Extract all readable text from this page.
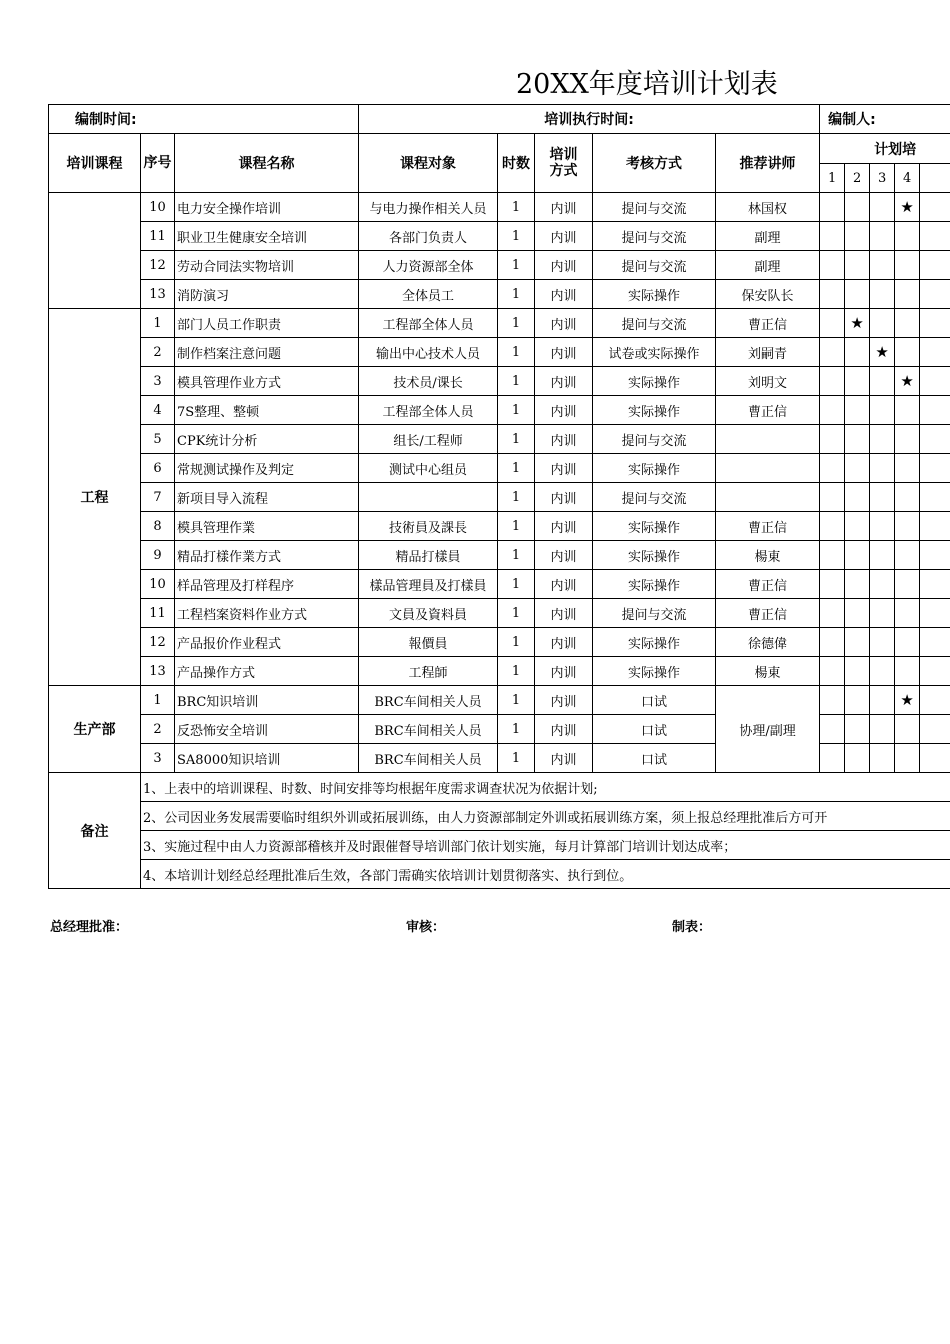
20XX年度培训计划表
编制时间:			培训执行时间:					编制人:				
培训课程	序号	课程名称	课程对象	时数	培训方式	考核方式	推荐讲师	计划培				
								1	2	3	4	
	10	电力安全操作培训	与电力操作相关人员	1	内训	提问与交流	林国权				★	
	11	职业卫生健康安全培训	各部门负责人	1	内训	提问与交流	副理					
	12	劳动合同法实物培训	人力资源部全体	1	内训	提问与交流	副理					
	13	消防演习	全体员工	1	内训	实际操作	保安队长					
工程	1	部门人员工作职责	工程部全体人员	1	内训	提问与交流	曹正信		★			
	2	制作档案注意问题	输出中心技术人员	1	内训	试卷或实际操作	刘嗣青			★		
	3	模具管理作业方式	技术员/课长	1	内训	实际操作	刘明文				★	
	4	7S整理、整顿	工程部全体人员	1	内训	实际操作	曹正信					
	5	CPK统计分析	组长/工程师	1	内训	提问与交流						
	6	常规测试操作及判定	测试中心组员	1	内训	实际操作						
	7	新项目导入流程		1	内训	提问与交流						
	8	模具管理作業	技術員及課長	1	内训	实际操作	曹正信					
	9	精品打樣作業方式	精品打樣員	1	内训	实际操作	楊東					
	10	样品管理及打样程序	樣品管理員及打樣員	1	内训	实际操作	曹正信					
	11	工程档案资料作业方式	文員及資料員	1	内训	提问与交流	曹正信					
	12	产品报价作业程式	報價員	1	内训	实际操作	徐德偉					
	13	产品操作方式	工程師	1	内训	实际操作	楊東					
生产部	1	BRC知识培训	BRC车间相关人员	1	内训	口试	协理/副理				★	
	2	反恐怖安全培训	BRC车间相关人员	1	内训	口试						
	3	SA8000知识培训	BRC车间相关人员	1	内训	口试						
备注	1、上表中的培训课程、时数、时间安排等均根据年度需求调查状况为依据计划;											
	2、公司因业务发展需要临时组织外训或拓展训练，由人力资源部制定外训或拓展训练方案，须上报总经理批准后方可开											
	3、实施过程中由人力资源部稽核并及时跟催督导培训部门依计划实施，每月计算部门培训计划达成率；											
	4、本培训计划经总经理批准后生效，各部门需确实依培训计划贯彻落实、执行到位。											
总经理批准：	审核：	制表：
